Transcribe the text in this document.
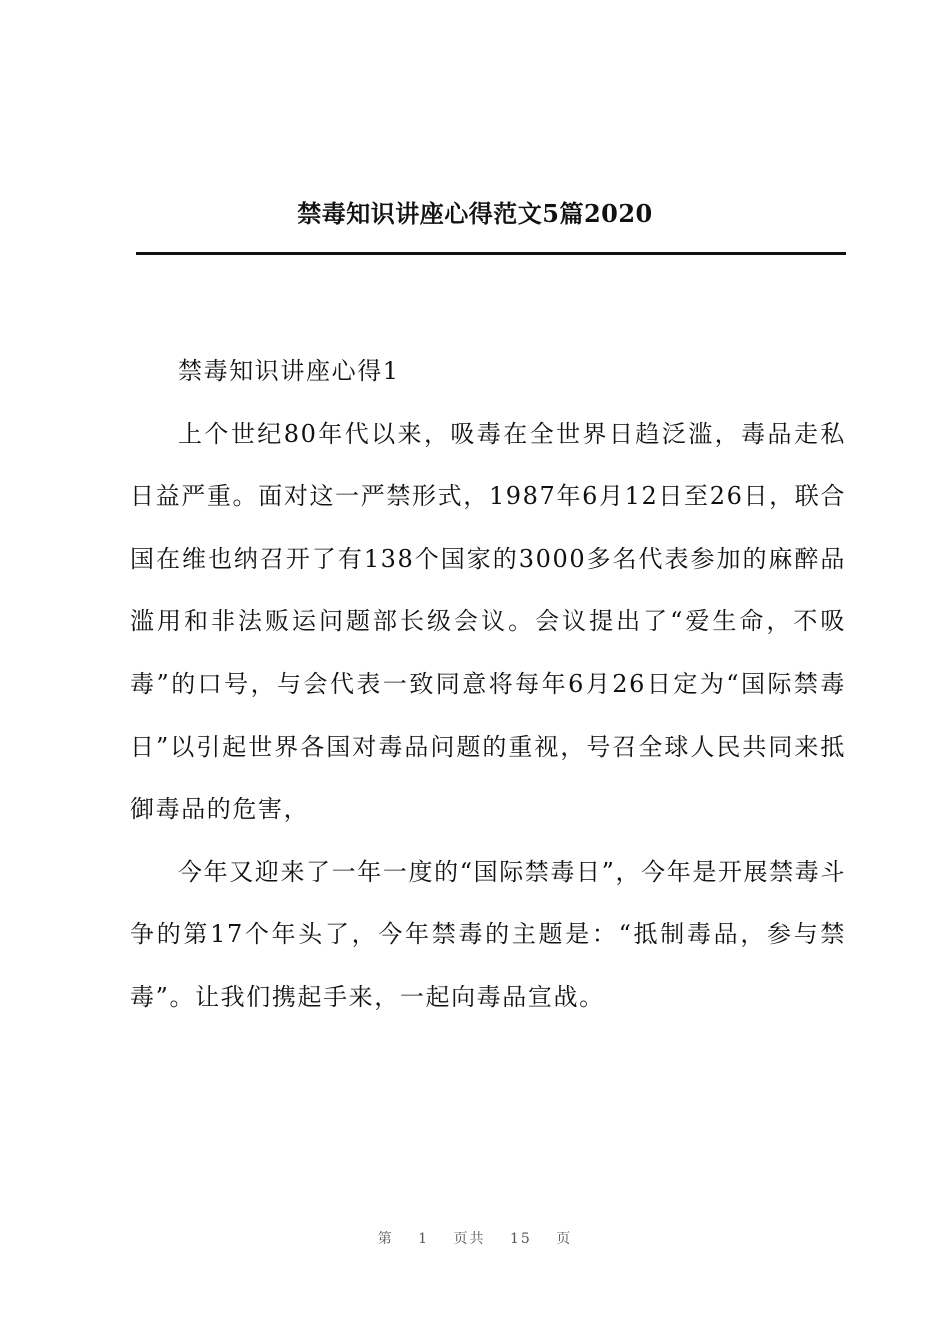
禁毒知识讲座心得范文5篇2020

禁毒知识讲座心得1

上个世纪80年代以来，吸毒在全世界日趋泛滥，毒品走私日益严重。面对这一严禁形式，1987年6月12日至26日，联合国在维也纳召开了有138个国家的3000多名代表参加的麻醉品滥用和非法贩运问题部长级会议。会议提出了“爱生命，不吸毒”的口号，与会代表一致同意将每年6月26日定为“国际禁毒日”以引起世界各国对毒品问题的重视，号召全球人民共同来抵御毒品的危害，

今年又迎来了一年一度的“国际禁毒日”，今年是开展禁毒斗争的第17个年头了，今年禁毒的主题是：“抵制毒品，参与禁毒”。让我们携起手来，一起向毒品宣战。

第 1 页共 15 页
